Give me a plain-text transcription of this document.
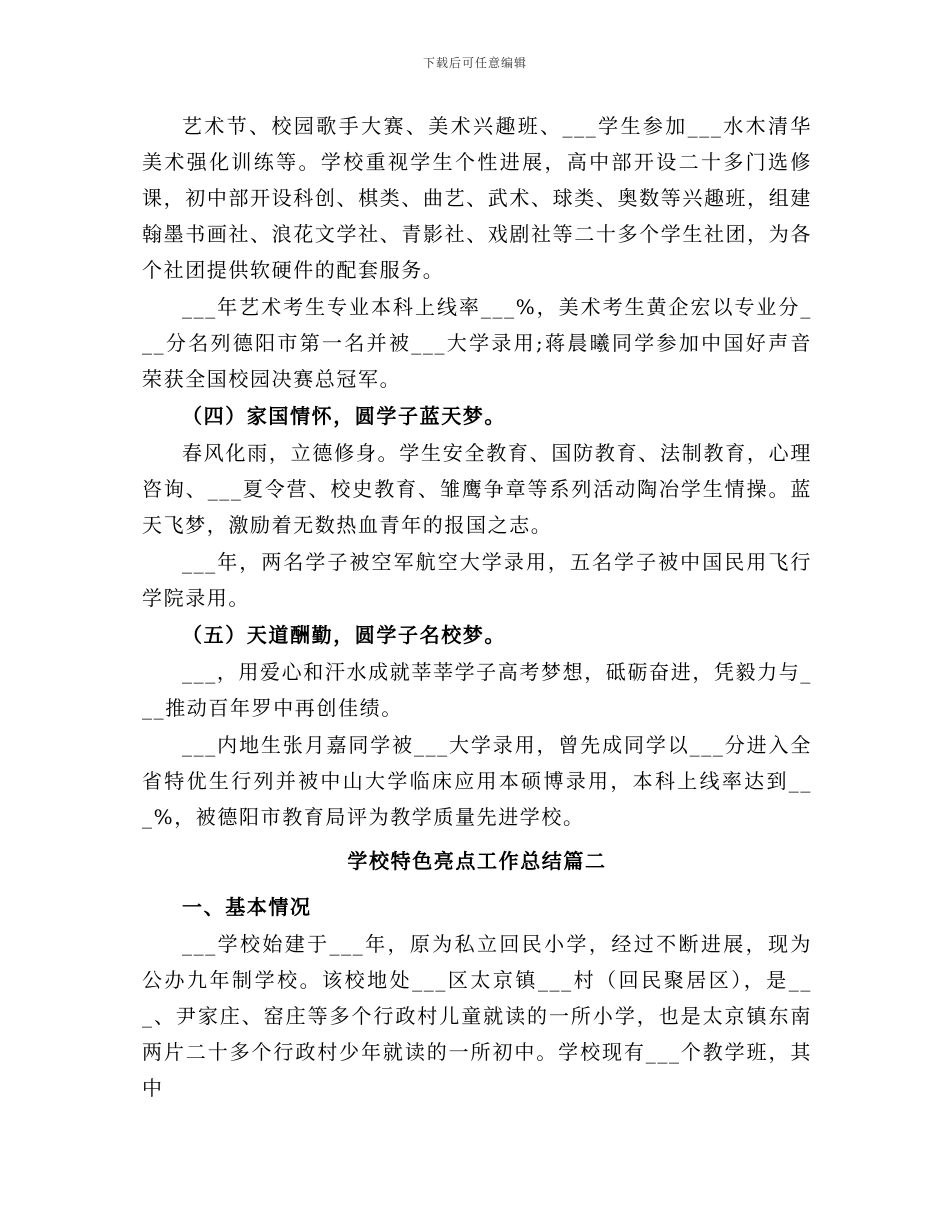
下载后可任意编辑

艺术节、校园歌手大赛、美术兴趣班、___学生参加___水木清华美术强化训练等。学校重视学生个性进展，高中部开设二十多门选修课，初中部开设科创、棋类、曲艺、武术、球类、奥数等兴趣班，组建翰墨书画社、浪花文学社、青影社、戏剧社等二十多个学生社团，为各个社团提供软硬件的配套服务。

___年艺术考生专业本科上线率___%，美术考生黄企宏以专业分___分名列德阳市第一名并被___大学录用;蒋晨曦同学参加中国好声音荣获全国校园决赛总冠军。

（四）家国情怀，圆学子蓝天梦。

春风化雨，立德修身。学生安全教育、国防教育、法制教育，心理咨询、___夏令营、校史教育、雏鹰争章等系列活动陶冶学生情操。蓝天飞梦，激励着无数热血青年的报国之志。

___年，两名学子被空军航空大学录用，五名学子被中国民用飞行学院录用。

（五）天道酬勤，圆学子名校梦。

___，用爱心和汗水成就莘莘学子高考梦想，砥砺奋进，凭毅力与___推动百年罗中再创佳绩。

___内地生张月嘉同学被___大学录用，曾先成同学以___分进入全省特优生行列并被中山大学临床应用本硕博录用，本科上线率达到___%，被德阳市教育局评为教学质量先进学校。

学校特色亮点工作总结篇二

一、基本情况

___学校始建于___年，原为私立回民小学，经过不断进展，现为公办九年制学校。该校地处___区太京镇___村（回民聚居区），是___、尹家庄、窑庄等多个行政村儿童就读的一所小学，也是太京镇东南两片二十多个行政村少年就读的一所初中。学校现有___个教学班，其中
